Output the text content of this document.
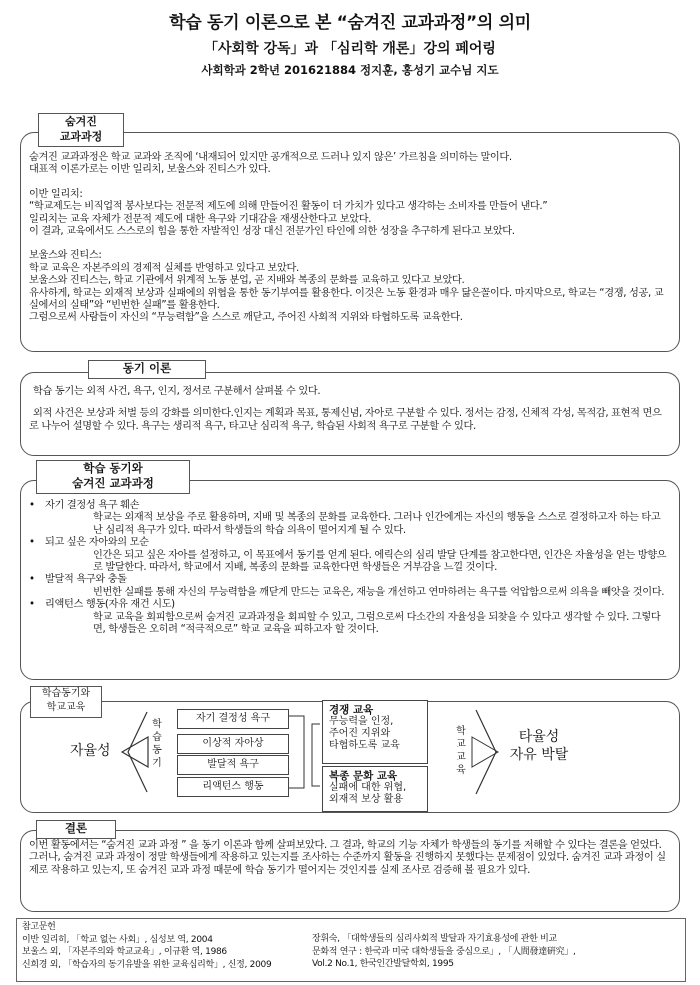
학습 동기 이론으로 본 “숨겨진 교과과정”의 의미
「사회학 강독」과 「심리학 개론」강의 페어링
사회학과 2학년 201621884 정지훈, 홍성기 교수님 지도
숨겨진
교과과정

숨겨진 교과과정은 학교 교과와 조직에 ‘내재되어 있지만 공개적으로 드러나 있지 않은’ 가르침을 의미하는 말이다.

대표적 이론가로는 이반 일리치, 보울스와 진티스가 있다.

이반 일리치:

“학교제도는 비직업적 봉사보다는 전문적 제도에 의해 만들어진 활동이 더 가치가 있다고 생각하는 소비자를 만들어 낸다.”

일리치는 교육 자체가 전문적 제도에 대한 욕구와 기대감을 재생산한다고 보았다.

이 결과, 교육에서도 스스로의 힘을 통한 자발적인 성장 대신 전문가인 타인에 의한 성장을 추구하게 된다고 보았다.

보울스와 진티스:

학교 교육은 자본주의의 경제적 실체를 반영하고 있다고 보았다.

보울스와 진티스는, 학교 기관에서 위계적 노동 분업, 곧 지배와 복종의 문화를 교육하고 있다고 보았다.

유사하게, 학교는 외재적 보상과 실패에의 위협을 통한 동기부여를 활용한다. 이것은 노동 환경과 매우 닮은꼴이다. 마지막으로, 학교는 “경쟁, 성공, 교실에서의 실태”와 “빈번한 실패”를 활용한다.

그럼으로써 사람들이 자신의 “무능력함”을 스스로 깨닫고, 주어진 사회적 지위와 타협하도록 교육한다.

동기 이론

학습 동기는 외적 사건, 욕구, 인지, 정서로 구분해서 살펴볼 수 있다.

외적 사건은 보상과 처벌 등의 강화를 의미한다.인지는 계획과 목표, 통제신념, 자아로 구분할 수 있다. 정서는 감정, 신체적 각성, 목적감, 표현적 면으로 나누어 설명할 수 있다. 욕구는 생리적 욕구, 타고난 심리적 욕구, 학습된 사회적 욕구로 구분할 수 있다.

학습 동기와
숨겨진 교과과정
• 자기 결정성 욕구 훼손
학교는 외재적 보상을 주로 활용하며, 지배 및 복종의 문화를 교육한다. 그러나 인간에게는 자신의 행동을 스스로 결정하고자 하는 타고난 심리적 욕구가 있다. 따라서 학생들의 학습 의욕이 떨어지게 될 수 있다.
• 되고 싶은 자아와의 모순
인간은 되고 싶은 자아를 설정하고, 이 목표에서 동기를 얻게 된다. 에릭슨의 심리 발달 단계를 참고한다면, 인간은 자율성을 얻는 방향으로 발달한다. 따라서, 학교에서 지배, 복종의 문화를 교육한다면 학생들은 거부감을 느낄 것이다.
• 발달적 욕구와 충돌
빈번한 실패를 통해 자신의 무능력함을 깨닫게 만드는 교육은, 재능을 개선하고 연마하려는 욕구를 억압함으로써 의욕을 빼앗을 것이다.
• 리액턴스 행동(자유 재건 시도)
학교 교육을 회피함으로써 숨겨진 교과과정을 회피할 수 있고, 그럼으로써 다소간의 자율성을 되찾을 수 있다고 생각할 수 있다. 그렇다면, 학생들은 오히려 “적극적으로” 학교 교육을 피하고자 할 것이다.
학습동기와
학교교육
자율성
학습동기
자기 결정성 욕구
이상적 자아상
발달적 욕구
리액턴스 행동
경쟁 교육
무능력을 인정,
주어진 지위와
타협하도록 교육
복종 문화 교육
실패에 대한 위협,
외재적 보상 활용
학교교육
타율성
자유 박탈
결론

이번 활동에서는 “숨겨진 교과 과정 ” 을 동기 이론과 함께 살펴보았다. 그 결과, 학교의 기능 자체가 학생들의 동기를 저해할 수 있다는 결론을 얻었다.

그러나, 숨겨진 교과 과정이 정말 학생들에게 작용하고 있는지를 조사하는 수준까지 활동을 진행하지 못했다는 문제점이 있었다. 숨겨진 교과 과정이 실제로 작용하고 있는지, 또 숨겨진 교과 과정 때문에 학습 동기가 떨어지는 것인지를 실제 조사로 검증해 볼 필요가 있다.

참고문헌
이반 일리히, 「학교 없는 사회」, 심성보 역, 2004
보울스 외, 「자본주의와 학교교육」, 이규환 역, 1986
신희경 외, 「학습자의 동기유발을 위한 교육심리학」, 신정, 2009
장휘숙, 「대학생들의 심리사회적 발달과 자기효용성에 관한 비교
문화적 연구 : 한국과 미국 대학생들을 중심으로」, 「人間發達硏究」,
Vol.2 No.1, 한국인간발달학회, 1995
